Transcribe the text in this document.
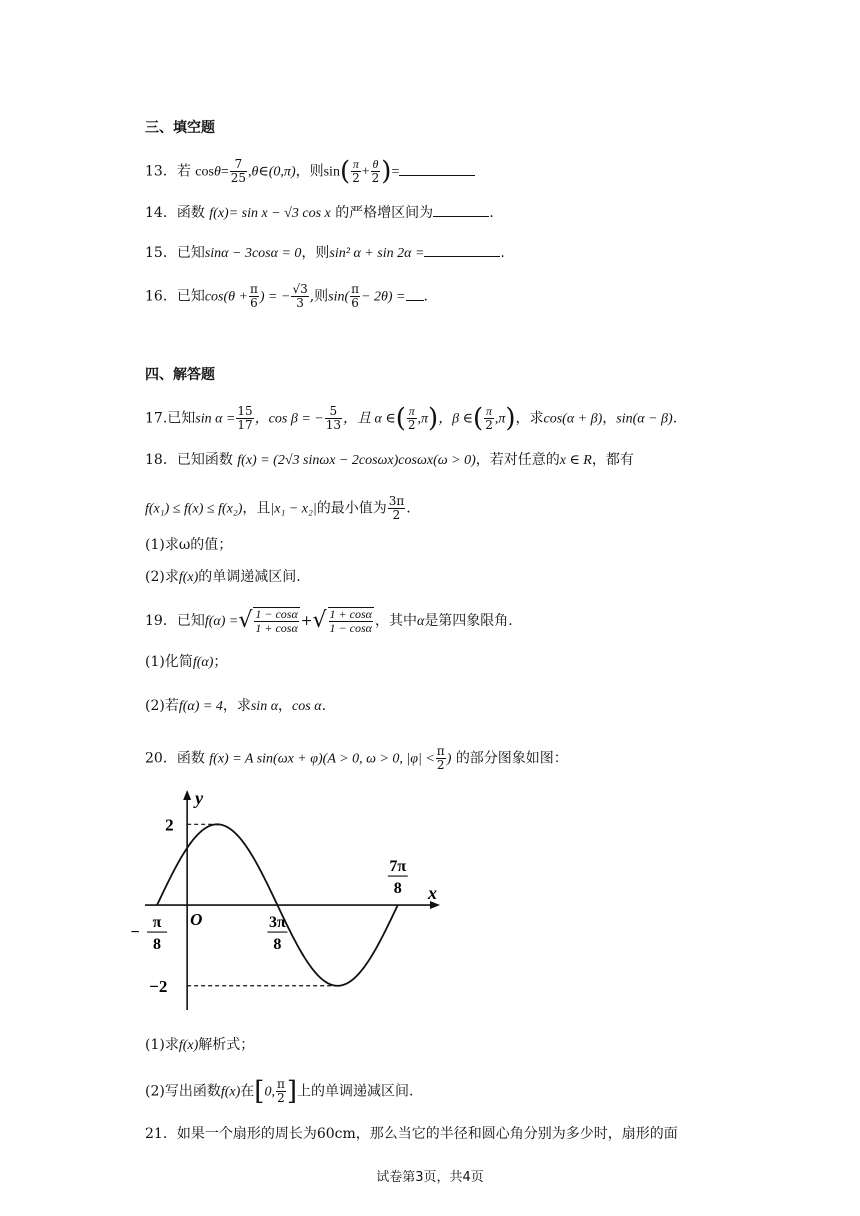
三、填空题
13．若 $\cos\theta= \frac{7}{25}$ ,θ∈(0,π)，则$\sin( \frac{\pi}{2} + \frac{\theta}{2}$ )=
14．函数 f(x)= sin x − √3 cos x 的严格增区间为	.
15．已知sinα − 3cosα = 0，则sin² α + sin 2α =	.
16．已知$\cos(\theta + \frac{\pi}{6}$ ) = − $\frac{√3}{3}$ ,则$\sin( \frac{\pi}{6} - 2\theta)$ = .
四、解答题
17.已知$\sin \alpha = \frac{15}{17}$ ，cos β = − $\frac{5}{13}$ ，且 α ∈( $\frac{\pi}{2} ,\pi$)，β ∈( $\frac{\pi}{2} ,\pi$)，求cos(α + β)，sin(α − β).
18．已知函数 f(x) = (2√3 sinωx − 2cosωx)cosωx(ω > 0)，若对任意的x ∈ R，都有
f(x₁) ≤ f(x) ≤ f(x₂)，且|x₁ − x₂|的最小值为 $\frac{3\pi}{2}$ .
(1)求ω的值；
(2)求f(x)的单调递减区间.
19．已知f(α) =√ $\frac{1 - \cos\alpha}{1 + \cos\alpha}$ +√ $\frac{1 + \cos\alpha}{1 - \cos\alpha}$ ，其中α是第四象限角.
(1)化简f(α)；
(2)若f(α) = 4，求sin α，cos α.
20．函数 f(x) = A sin(ωx + φ)(A > 0, ω > 0, $|\varphi| < \frac{\pi}{2}$ ) 的部分图象如图：
x
y
O
2
−2
π
8
−
3π
8
7π
8
(1)求f(x)解析式；
(2)写出函数f(x)在[0, $\frac{\pi}{2}$ ]上的单调递减区间.
21．如果一个扇形的周长为60cm，那么当它的半径和圆心角分别为多少时，扇形的面
试卷第3页，共4页
